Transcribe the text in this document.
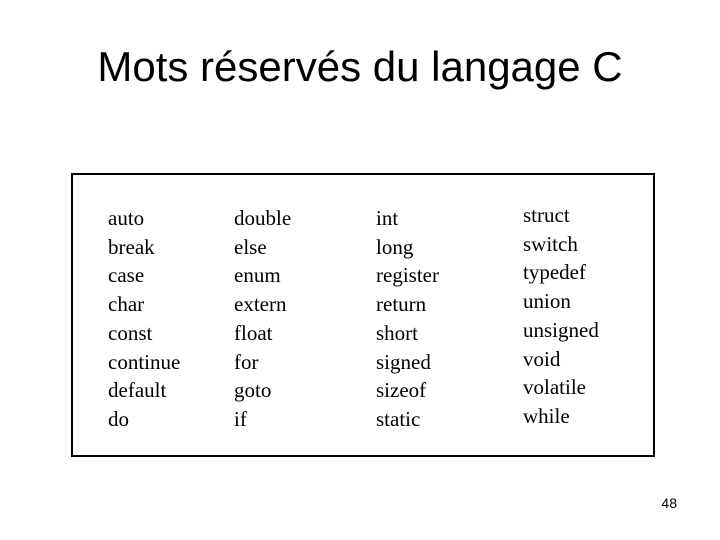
Mots réservés du langage C
auto
break
case
char
const
continue
default
do
double
else
enum
extern
float
for
goto
if
int
long
register
return
short
signed
sizeof
static
struct
switch
typedef
union
unsigned
void
volatile
while
48
